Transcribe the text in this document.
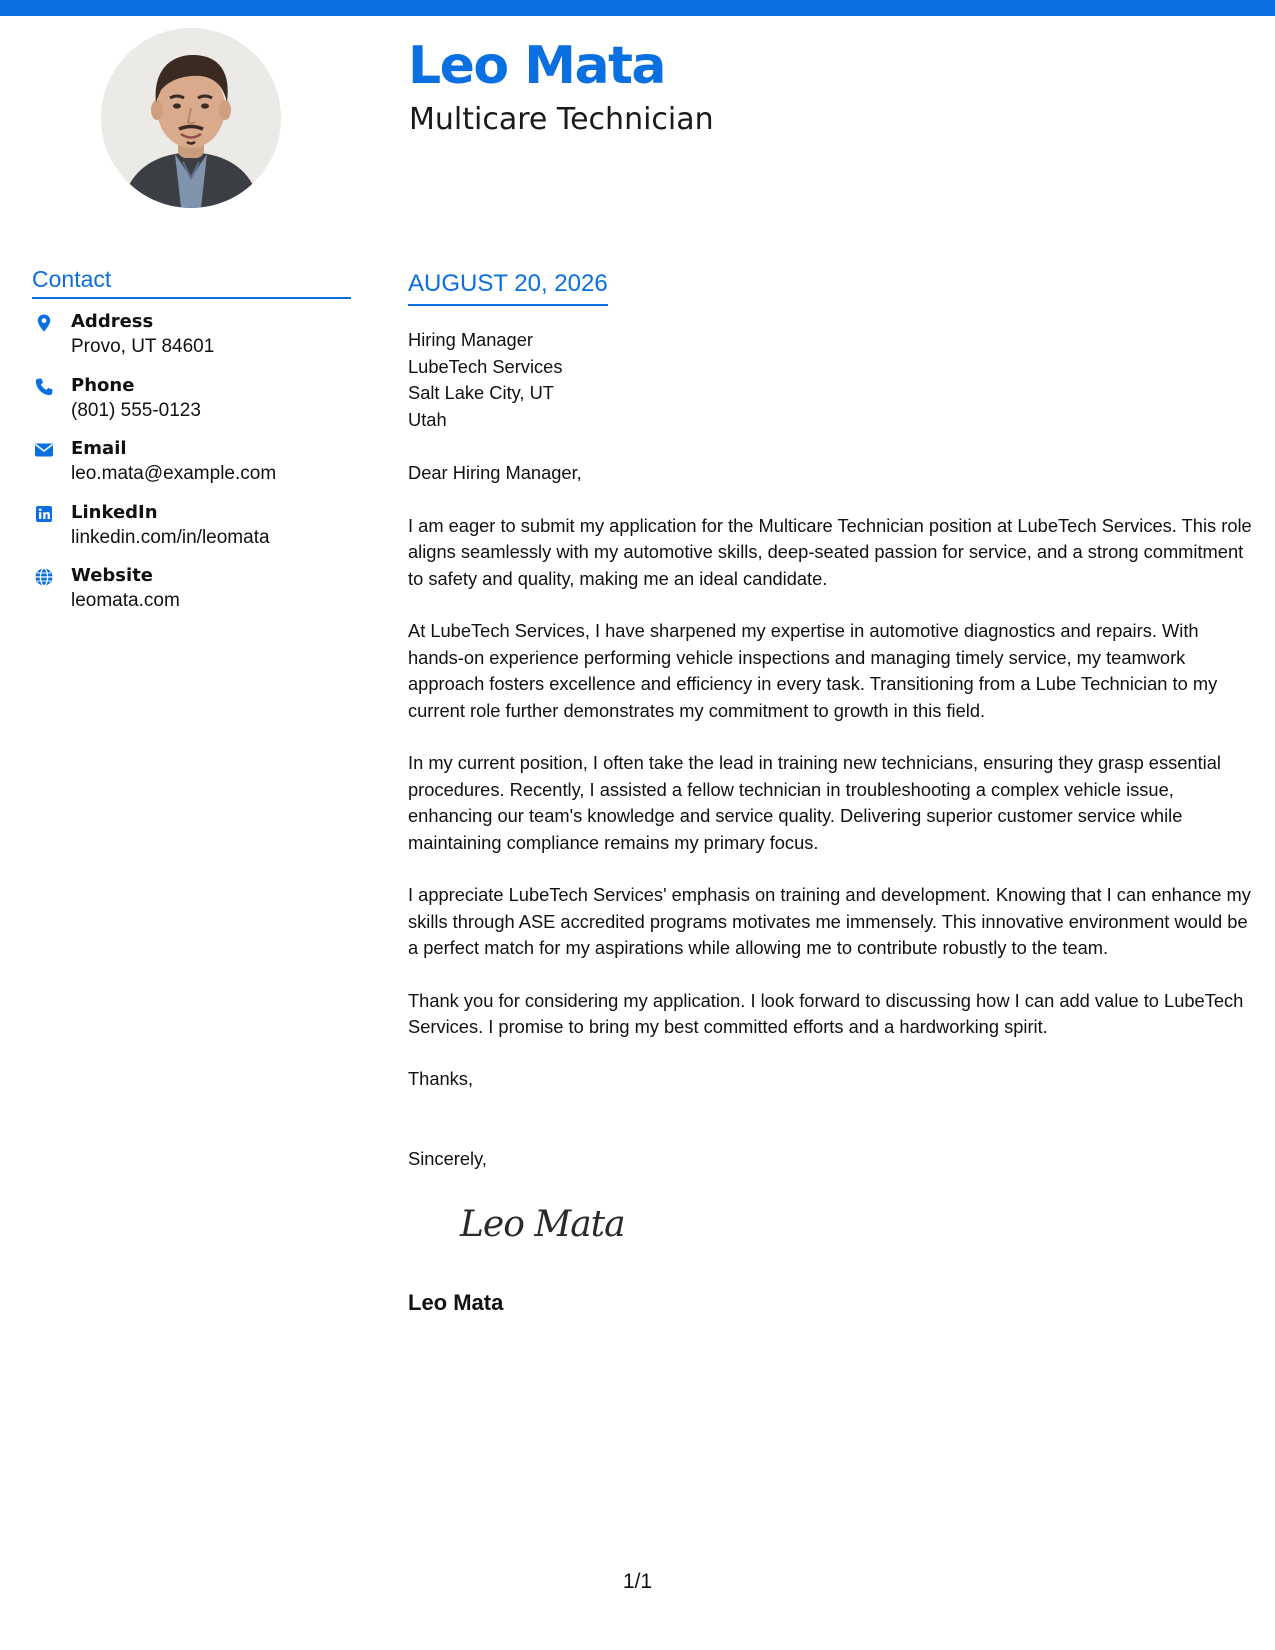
Leo Mata
Multicare Technician
Contact
Address
Provo, UT 84601
Phone
(801) 555-0123
Email
leo.mata@example.com
LinkedIn
linkedin.com/in/leomata
Website
leomata.com
AUGUST 20, 2026

Hiring Manager

LubeTech Services

Salt Lake City, UT

Utah

Dear Hiring Manager,

I am eager to submit my application for the Multicare Technician position at LubeTech Services. This role aligns seamlessly with my automotive skills, deep-seated passion for service, and a strong commitment to safety and quality, making me an ideal candidate.

At LubeTech Services, I have sharpened my expertise in automotive diagnostics and repairs. With hands-on experience performing vehicle inspections and managing timely service, my teamwork approach fosters excellence and efficiency in every task. Transitioning from a Lube Technician to my current role further demonstrates my commitment to growth in this field.

In my current position, I often take the lead in training new technicians, ensuring they grasp essential procedures. Recently, I assisted a fellow technician in troubleshooting a complex vehicle issue, enhancing our team's knowledge and service quality. Delivering superior customer service while maintaining compliance remains my primary focus.

I appreciate LubeTech Services' emphasis on training and development. Knowing that I can enhance my skills through ASE accredited programs motivates me immensely. This innovative environment would be a perfect match for my aspirations while allowing me to contribute robustly to the team.

Thank you for considering my application. I look forward to discussing how I can add value to LubeTech Services. I promise to bring my best committed efforts and a hardworking spirit.

Thanks,

Sincerely,
Leo Mata
Leo Mata
1/1
